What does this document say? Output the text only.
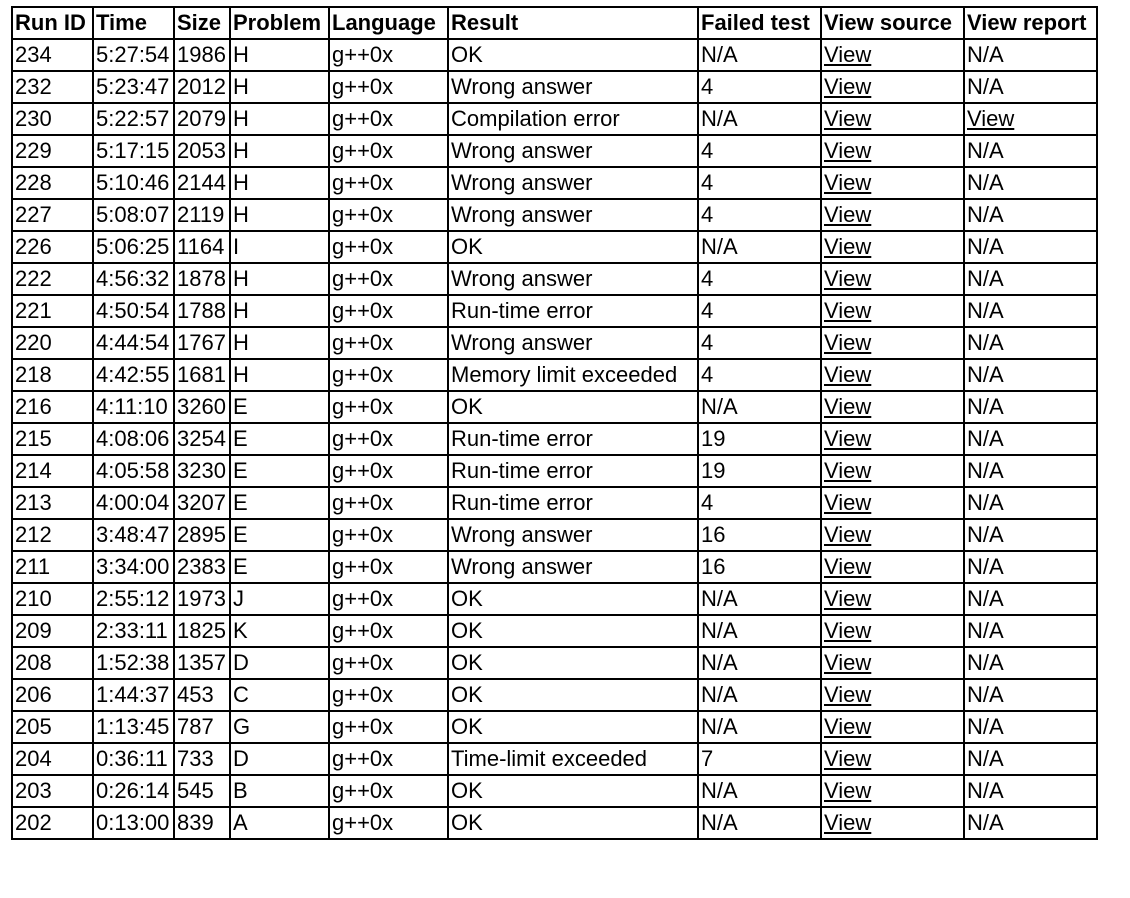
Run ID	Time	Size	Problem	Language	Result	Failed test	View source	View report
234	5:27:54	1986	H	g++0x	OK	N/A	View	N/A
232	5:23:47	2012	H	g++0x	Wrong answer	4	View	N/A
230	5:22:57	2079	H	g++0x	Compilation error	N/A	View	View
229	5:17:15	2053	H	g++0x	Wrong answer	4	View	N/A
228	5:10:46	2144	H	g++0x	Wrong answer	4	View	N/A
227	5:08:07	2119	H	g++0x	Wrong answer	4	View	N/A
226	5:06:25	1164	I	g++0x	OK	N/A	View	N/A
222	4:56:32	1878	H	g++0x	Wrong answer	4	View	N/A
221	4:50:54	1788	H	g++0x	Run-time error	4	View	N/A
220	4:44:54	1767	H	g++0x	Wrong answer	4	View	N/A
218	4:42:55	1681	H	g++0x	Memory limit exceeded	4	View	N/A
216	4:11:10	3260	E	g++0x	OK	N/A	View	N/A
215	4:08:06	3254	E	g++0x	Run-time error	19	View	N/A
214	4:05:58	3230	E	g++0x	Run-time error	19	View	N/A
213	4:00:04	3207	E	g++0x	Run-time error	4	View	N/A
212	3:48:47	2895	E	g++0x	Wrong answer	16	View	N/A
211	3:34:00	2383	E	g++0x	Wrong answer	16	View	N/A
210	2:55:12	1973	J	g++0x	OK	N/A	View	N/A
209	2:33:11	1825	K	g++0x	OK	N/A	View	N/A
208	1:52:38	1357	D	g++0x	OK	N/A	View	N/A
206	1:44:37	453	C	g++0x	OK	N/A	View	N/A
205	1:13:45	787	G	g++0x	OK	N/A	View	N/A
204	0:36:11	733	D	g++0x	Time-limit exceeded	7	View	N/A
203	0:26:14	545	B	g++0x	OK	N/A	View	N/A
202	0:13:00	839	A	g++0x	OK	N/A	View	N/A
